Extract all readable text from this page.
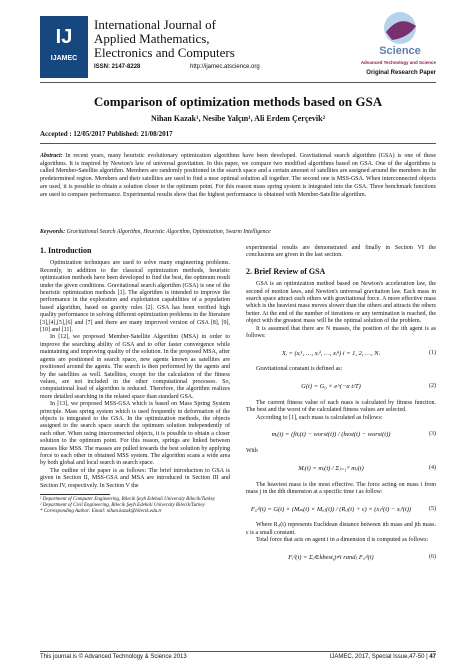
IJ
IJAMEC
International Journal of
Applied Mathematics,
Electronics and Computers
ISSN: 2147-8228	http://ijamec.atscience.org
Science
Advanced Technology and Science
Original Research Paper
Comparison of optimization methods based on GSA
Nihan Kazak¹, Nesibe Yalçın¹, Ali Erdem Çerçevik²
Accepted : 12/05/2017 Published: 21/08/2017
Abstract: In recent years, many heuristic evolutionary optimization algorithms have been developed. Gravitational search algorithm (GSA) is one of these algorithms. It is inspired by Newton's law of universal gravitation. In this paper, we compare two modified algorithms based on GSA. One of the algorithms is called Member-Satellite algorithm. Members are randomly positioned in the search space and a certain amount of satellites are assigned around the members in the predetermined region. Members and their satellites are used to find a near optimal solution all together. The second one is MSS-GSA. When interconnected objects are used, it is possible to obtain a solution closer to the optimum point. For this reason mass spring system is integrated into the GSA. Three benchmark functions are used to compare performance. Experimental results show that the highest performance is obtained with Member-Satellite algorithm.
Keywords: Gravitational Search Algorithm, Heuristic Algorithm, Optimization, Swarm Intelligence
1. Introduction

Optimization techniques are used to solve many engineering problems. Recently, in addition to the classical optimization methods, heuristic optimization methods have been developed to find the best, the optimum result under the given conditions. Gravitational search algorithm (GSA) is one of the heuristic optimization methods [1]. The algorithm is intended to improve the performance in the exploration and exploitation capabilities of a population based algorithm, based on gravity rules [2]. GSA has been verified high quality performance in solving different optimization problems in the literature [3],[4],[5],[6] and [7] and there are many improved version of GSA [8], [9],[10] and [11].

In [12], we proposed Member-Satellite Algorithm (MSA) in order to improve the searching ability of GSA and to offer faster convergence while maintaining and improving quality of the solution. In the proposed MSA, after agents are positioned in search space, new agents known as satellites are positioned around the agents. The search is then performed by the agents and by the satellites as well. Satellites, except for the calculation of the fitness values, are not included in the other computational processes. So, computational load of algorithm is reduced. Therefore, the algorithm realizes more detailed searching in the related space than standard GSA.

In [13], we proposed MSS-GSA which is based on Mass Spring System principle. Mass spring system which is used frequently in deformation of the objects is integrated to the GSA. In the optimization methods, the objects assigned to the search space search the optimum solution independently of each other. When using interconnected objects, it is possible to obtain a closer solution to the optimum point. For this reason, springs are linked between masses like MSS. The masses are pulled towards the best solution by applying force to each other in obtained MSS system. The algorithm scans a wide area by both global and local search in search space.

The outline of the paper is as follows: The brief introduction to GSA is given in Section II, MSS-GSA and MSA are introduced in Section III and Section IV, respectively. In Section V the

¹ Department of Computer Engineering, Bilecik Şeyh Edebali University Bilecik/Turkey
² Department of Civil Engineering, Bilecik Şeyh Edebali University Bilecik/Turkey
* Corresponding Author: Email: nihan.kazak@bilecik.edu.tr

experimental results are demonstrated and finally in Section VI the conclusions are given in the last section.

2. Brief Review of GSA

GSA is an optimization method based on Newton's acceleration law, the second of motion laws, and Newton's universal gravitation law. Each mass in search space attract each others with gravitational force. A more effective mass which is the heaviest mass moves slower than the others and attracts the others better. At the end of the number of iterations or any termination is reached, the object with the greatest mass will be the optimal solution of the problem.

It is assumed that there are N masses, the position of the ith agent is as follows:

Xᵢ = (xᵢ¹, …, xᵢᵈ, …, xᵢⁿ) i = 1, 2, …, N.	(1)

Gravitational constant is defined as:

G(t) = G₀ × e^(−α t/T)	(2)

The current fitness value of each mass is calculated by fitness function. The best and the worst of the calculated fitness values are selected.

According to [1], each mass is calculated as follows:

mᵢ(t) = (fitᵢ(t) − worst(t)) / (best(t) − worst(t))	(3)

With

Mᵢ(t) = mᵢ(t) / Σⱼ₌₁ᴺ mⱼ(t)	(4)

The heaviest mass is the most effective. The force acting on mass i from mass j in the dth dimension at a specific time t as follow:

Fᵢⱼᵈ(t) = G(t) × (Mₚᵢ(t) × Mₐⱼ(t)) / (Rᵢⱼ(t) + ε) × (xⱼᵈ(t) − xᵢᵈ(t))	(5)

Where Rᵢⱼ(t) represents Euclidean distance between ith mass and jth mass. ε is a small constant.

Total force that acts on agent i in a dimension d is computed as follows:

Fᵢᵈ(t) = Σⱼ∈kbest,j≠i randⱼ Fᵢⱼᵈ(t)	(6)
This journal is © Advanced Technology & Science 2013	IJAMEC, 2017, Special Issue,47-50 | 47
